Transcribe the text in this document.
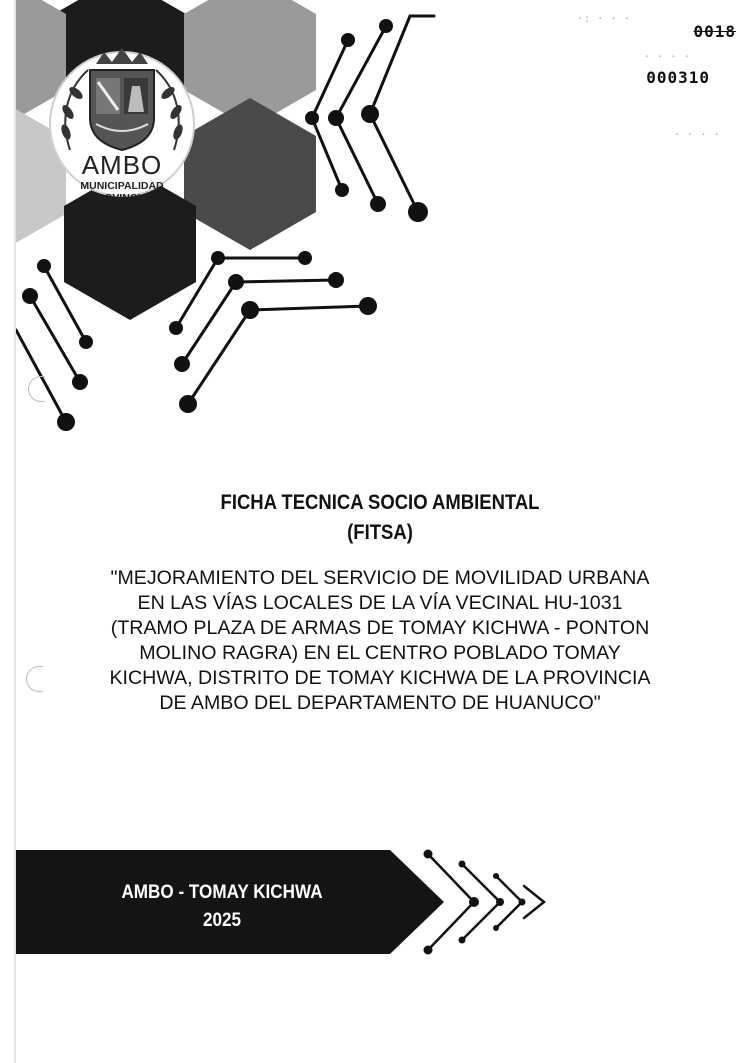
AMBO
MUNICIPALIDAD
PROVINCIAL
0018
000310
·: · · ·
· · · ·
· · · ·
FICHA TECNICA SOCIO AMBIENTAL
(FITSA)
"MEJORAMIENTO DEL SERVICIO DE MOVILIDAD URBANA
EN LAS VÍAS LOCALES DE LA VÍA VECINAL HU-1031
(TRAMO PLAZA DE ARMAS DE TOMAY KICHWA - PONTON
MOLINO RAGRA) EN EL CENTRO POBLADO TOMAY
KICHWA, DISTRITO DE TOMAY KICHWA DE LA PROVINCIA
DE AMBO DEL DEPARTAMENTO DE HUANUCO"
AMBO - TOMAY KICHWA
2025
